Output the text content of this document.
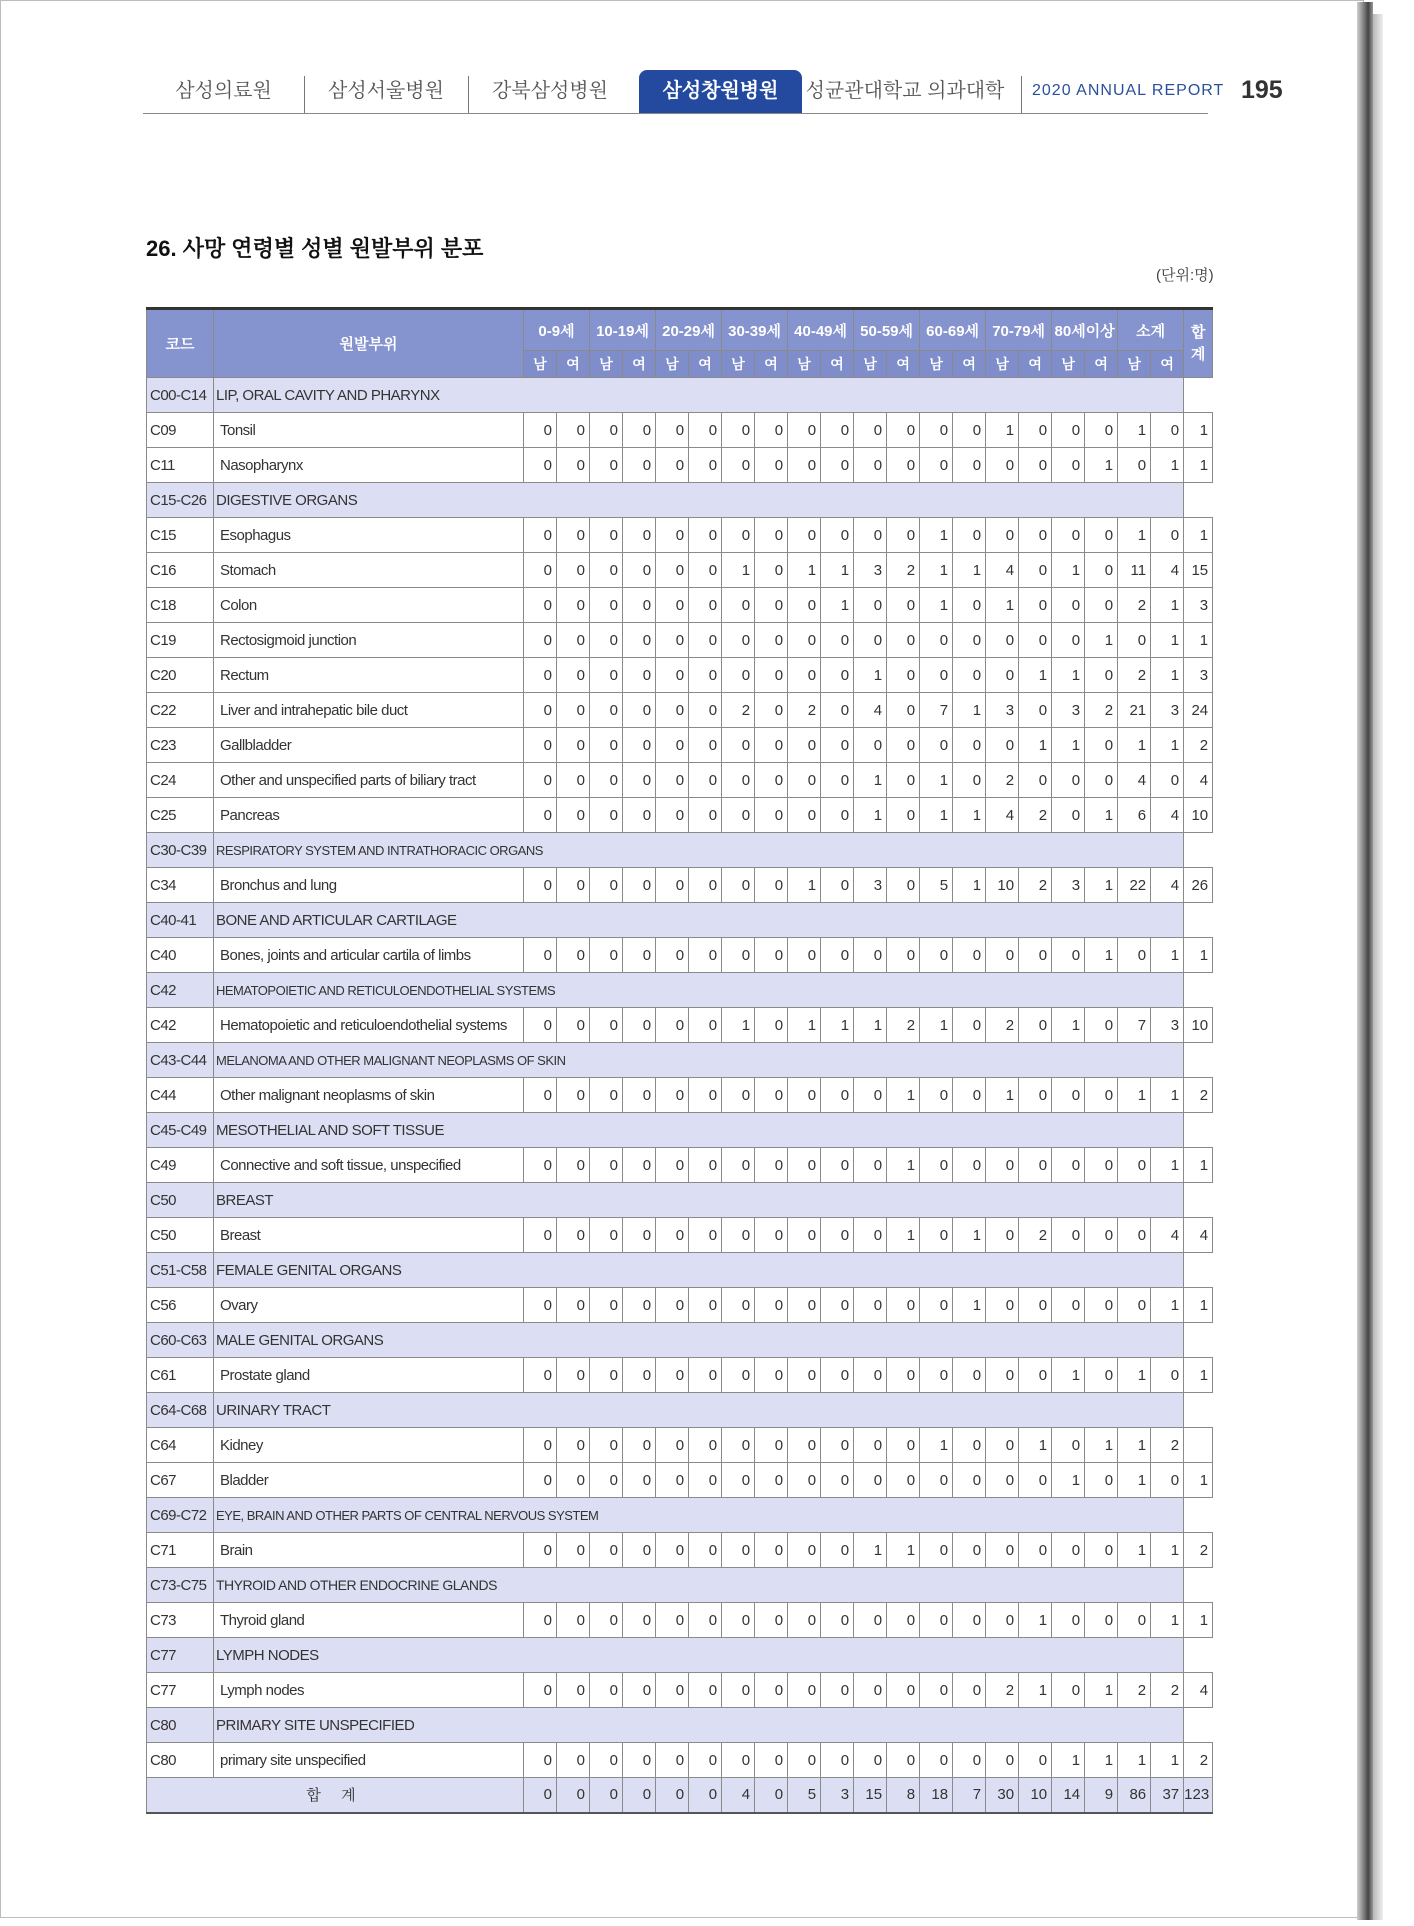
삼성의료원	삼성서울병원	강북삼성병원	삼성창원병원	성균관대학교 의과대학 2020 ANNUAL REPORT 195
26. 사망 연령별 성별 원발부위 분포
(단위:명)
코드	원발부위	0-9세		10-19세		20-29세		30-39세		40-49세		50-59세		60-69세		70-79세		80세이상		소계		합계
		남	여	남	여	남	여	남	여	남	여	남	여	남	여	남	여	남	여	남	여	
C00-C14	LIP, ORAL CAVITY AND PHARYNX																					
C09	Tonsil	0	0	0	0	0	0	0	0	0	0	0	0	0	0	1	0	0	0	1	0	1
C11	Nasopharynx	0	0	0	0	0	0	0	0	0	0	0	0	0	0	0	0	0	1	0	1	1
C15-C26	DIGESTIVE ORGANS																					
C15	Esophagus	0	0	0	0	0	0	0	0	0	0	0	0	1	0	0	0	0	0	1	0	1
C16	Stomach	0	0	0	0	0	0	1	0	1	1	3	2	1	1	4	0	1	0	11	4	15
C18	Colon	0	0	0	0	0	0	0	0	0	1	0	0	1	0	1	0	0	0	2	1	3
C19	Rectosigmoid junction	0	0	0	0	0	0	0	0	0	0	0	0	0	0	0	0	0	1	0	1	1
C20	Rectum	0	0	0	0	0	0	0	0	0	0	1	0	0	0	0	1	1	0	2	1	3
C22	Liver and intrahepatic bile duct	0	0	0	0	0	0	2	0	2	0	4	0	7	1	3	0	3	2	21	3	24
C23	Gallbladder	0	0	0	0	0	0	0	0	0	0	0	0	0	0	0	1	1	0	1	1	2
C24	Other and unspecified parts of biliary tract	0	0	0	0	0	0	0	0	0	0	1	0	1	0	2	0	0	0	4	0	4
C25	Pancreas	0	0	0	0	0	0	0	0	0	0	1	0	1	1	4	2	0	1	6	4	10
C30-C39	RESPIRATORY SYSTEM AND INTRATHORACIC ORGANS																					
C34	Bronchus and lung	0	0	0	0	0	0	0	0	1	0	3	0	5	1	10	2	3	1	22	4	26
C40-41	BONE AND ARTICULAR CARTILAGE																					
C40	Bones, joints and articular cartila of limbs	0	0	0	0	0	0	0	0	0	0	0	0	0	0	0	0	0	1	0	1	1
C42	HEMATOPOIETIC AND RETICULOENDOTHELIAL SYSTEMS																					
C42	Hematopoietic and reticuloendothelial systems	0	0	0	0	0	0	1	0	1	1	1	2	1	0	2	0	1	0	7	3	10
C43-C44	MELANOMA AND OTHER MALIGNANT NEOPLASMS OF SKIN																					
C44	Other malignant neoplasms of skin	0	0	0	0	0	0	0	0	0	0	0	1	0	0	1	0	0	0	1	1	2
C45-C49	MESOTHELIAL AND SOFT TISSUE																					
C49	Connective and soft tissue, unspecified	0	0	0	0	0	0	0	0	0	0	0	1	0	0	0	0	0	0	0	1	1
C50	BREAST																					
C50	Breast	0	0	0	0	0	0	0	0	0	0	0	1	0	1	0	2	0	0	0	4	4
C51-C58	FEMALE GENITAL ORGANS																					
C56	Ovary	0	0	0	0	0	0	0	0	0	0	0	0	0	1	0	0	0	0	0	1	1
C60-C63	MALE GENITAL ORGANS																					
C61	Prostate gland	0	0	0	0	0	0	0	0	0	0	0	0	0	0	0	0	1	0	1	0	1
C64-C68	URINARY TRACT																					
C64	Kidney	0	0	0	0	0	0	0	0	0	0	0	0	1	0	0	1	0	1	1	2	
C67	Bladder	0	0	0	0	0	0	0	0	0	0	0	0	0	0	0	0	1	0	1	0	1
C69-C72	EYE, BRAIN AND OTHER PARTS OF CENTRAL NERVOUS SYSTEM																					
C71	Brain	0	0	0	0	0	0	0	0	0	0	1	1	0	0	0	0	0	0	1	1	2
C73-C75	THYROID AND OTHER ENDOCRINE GLANDS																					
C73	Thyroid gland	0	0	0	0	0	0	0	0	0	0	0	0	0	0	0	1	0	0	0	1	1
C77	LYMPH NODES																					
C77	Lymph nodes	0	0	0	0	0	0	0	0	0	0	0	0	0	0	2	1	0	1	2	2	4
C80	PRIMARY SITE UNSPECIFIED																					
C80	primary site unspecified	0	0	0	0	0	0	0	0	0	0	0	0	0	0	0	0	1	1	1	1	2
합 계		0	0	0	0	0	0	4	0	5	3	15	8	18	7	30	10	14	9	86	37	123
